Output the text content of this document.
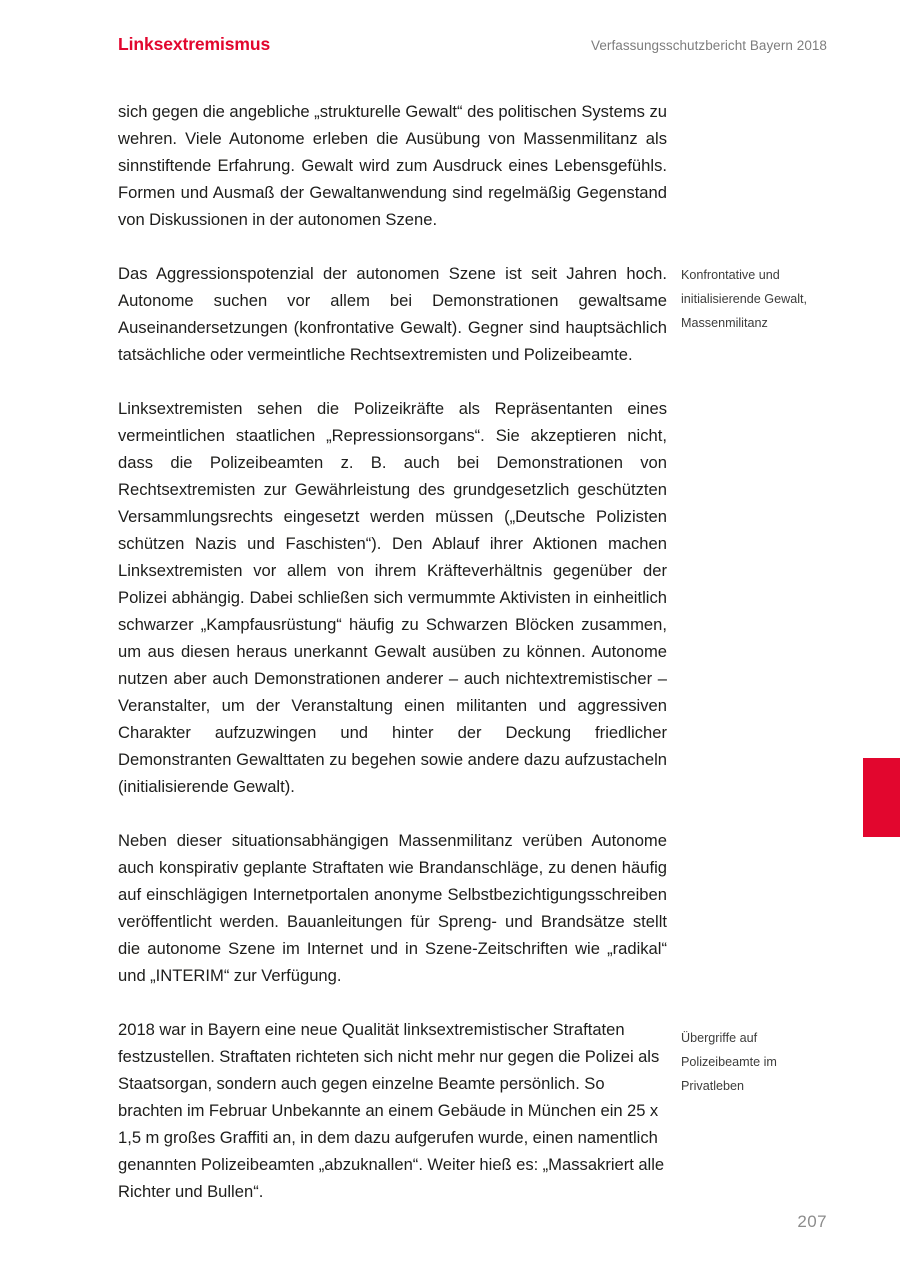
Linksextremismus	Verfassungsschutzbericht Bayern 2018

sich gegen die angebliche „strukturelle Gewalt“ des politischen Systems zu wehren. Viele Autonome erleben die Ausübung von Massenmilitanz als sinnstiftende Erfahrung. Gewalt wird zum Ausdruck eines Lebensgefühls. Formen und Ausmaß der Gewaltanwendung sind regelmäßig Gegenstand von Diskussionen in der autonomen Szene.

Das Aggressionspotenzial der autonomen Szene ist seit Jahren hoch. Autonome suchen vor allem bei Demonstrationen gewaltsame Auseinandersetzungen (konfrontative Gewalt). Gegner sind hauptsächlich tatsächliche oder vermeintliche Rechtsextremisten und Polizeibeamte.

Linksextremisten sehen die Polizeikräfte als Repräsentanten eines vermeintlichen staatlichen „Repressionsorgans“. Sie akzeptieren nicht, dass die Polizeibeamten z. B. auch bei Demonstrationen von Rechtsextremisten zur Gewährleistung des grundgesetzlich geschützten Versammlungsrechts eingesetzt werden müssen („Deutsche Polizisten schützen Nazis und Faschisten“). Den Ablauf ihrer Aktionen machen Linksextremisten vor allem von ihrem Kräfteverhältnis gegenüber der Polizei abhängig. Dabei schließen sich vermummte Aktivisten in einheitlich schwarzer „Kampfausrüstung“ häufig zu Schwarzen Blöcken zusammen, um aus diesen heraus unerkannt Gewalt ausüben zu können. Autonome nutzen aber auch Demonstrationen anderer – auch nichtextremistischer – Veranstalter, um der Veranstaltung einen militanten und aggressiven Charakter aufzuzwingen und hinter der Deckung friedlicher Demonstranten Gewalttaten zu begehen sowie andere dazu aufzustacheln (initialisierende Gewalt).

Neben dieser situationsabhängigen Massenmilitanz verüben Autonome auch konspirativ geplante Straftaten wie Brandanschläge, zu denen häufig auf einschlägigen Internetportalen anonyme Selbstbezichtigungsschreiben veröffentlicht werden. Bauanleitungen für Spreng- und Brandsätze stellt die autonome Szene im Internet und in Szene-Zeitschriften wie „radikal“ und „INTERIM“ zur Verfügung.

2018 war in Bayern eine neue Qualität linksextremistischer Straftaten festzustellen. Straftaten richteten sich nicht mehr nur gegen die Polizei als Staatsorgan, sondern auch gegen einzelne Beamte persönlich. So brachten im Februar Unbekannte an einem Gebäude in München ein 25 x 1,5 m großes Graffiti an, in dem dazu aufgerufen wurde, einen namentlich genannten Polizeibeamten „abzuknallen“. Weiter hieß es: „Massakriert alle Richter und Bullen“.

Konfrontative und initialisierende Gewalt, Massenmilitanz
Übergriffe auf Polizeibeamte im Privatleben
207
